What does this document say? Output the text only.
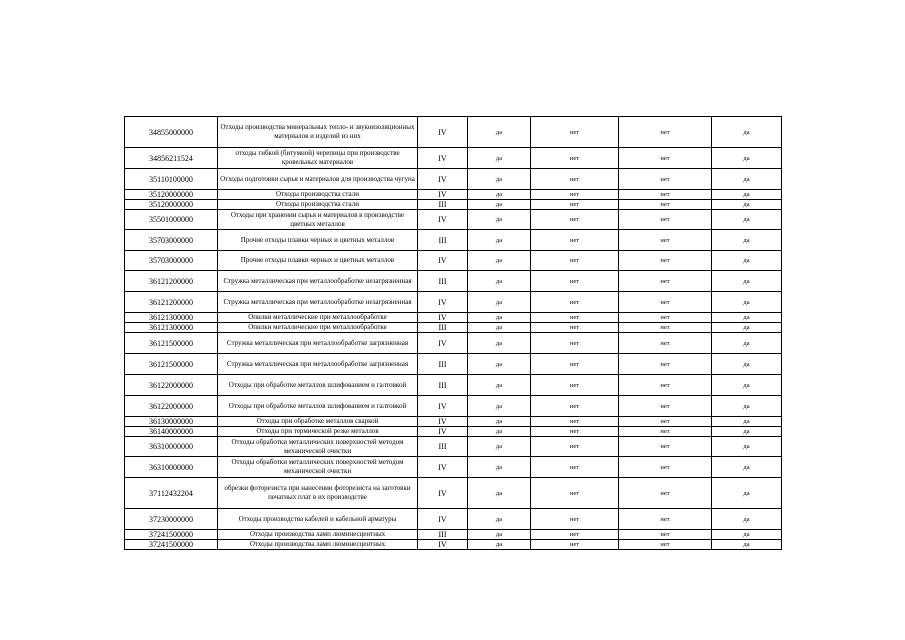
34855000000	Отходы производства минеральных тепло- и звукоизоляционных материалов и изделий из них	IV	да	нет	нет	да
34856211524	отходы гибкой (битумной) черепицы при производстве кровельных материалов	IV	да	нет	нет	да
35110100000	Отходы подготовки сырья и материалов для производства чугуна	IV	да	нет	нет	да
35120000000	Отходы производства стали	IV	да	нет	нет	да
35120000000	Отходы производства стали	III	да	нет	нет	да
35501000000	Отходы при хранении сырья и материалов в производстве цветных металлов	IV	да	нет	нет	да
35703000000	Прочие отходы плавки черных и цветных металлов	III	да	нет	нет	да
35703000000	Прочие отходы плавки черных и цветных металлов	IV	да	нет	нет	да
36121200000	Стружка металлическая при металлообработке незагрязненная	III	да	нет	нет	да
36121200000	Стружка металлическая при металлообработке незагрязненная	IV	да	нет	нет	да
36121300000	Опилки металлические при металлообработке	IV	да	нет	нет	да
36121300000	Опилки металлические при металлообработке	III	да	нет	нет	да
36121500000	Стружка металлическая при металлообработке загрязненная	IV	да	нет	нет	да
36121500000	Стружка металлическая при металлообработке загрязненная	III	да	нет	нет	да
36122000000	Отходы при обработке металлов шлифованием и галтовкой	III	да	нет	нет	да
36122000000	Отходы при обработке металлов шлифованием и галтовкой	IV	да	нет	нет	да
36130000000	Отходы при обработке металлов сваркой	IV	да	нет	нет	да
36140000000	Отходы при термической резке металлов	IV	да	нет	нет	да
36310000000	Отходы обработки металлических поверхностей методом механической очистки	III	да	нет	нет	да
36310000000	Отходы обработки металлических поверхностей методом механической очистки	IV	да	нет	нет	да
37112432204	обрезки фоторезиста при нанесении фоторезиста на заготовки печатных плат в их производстве	IV	да	нет	нет	да
37230000000	Отходы производства кабелей и кабельной арматуры	IV	да	нет	нет	да
37241500000	Отходы производства ламп люминесцентных	III	да	нет	нет	да
37241500000	Отходы производства ламп люминесцентных	IV	да	нет	нет	да
